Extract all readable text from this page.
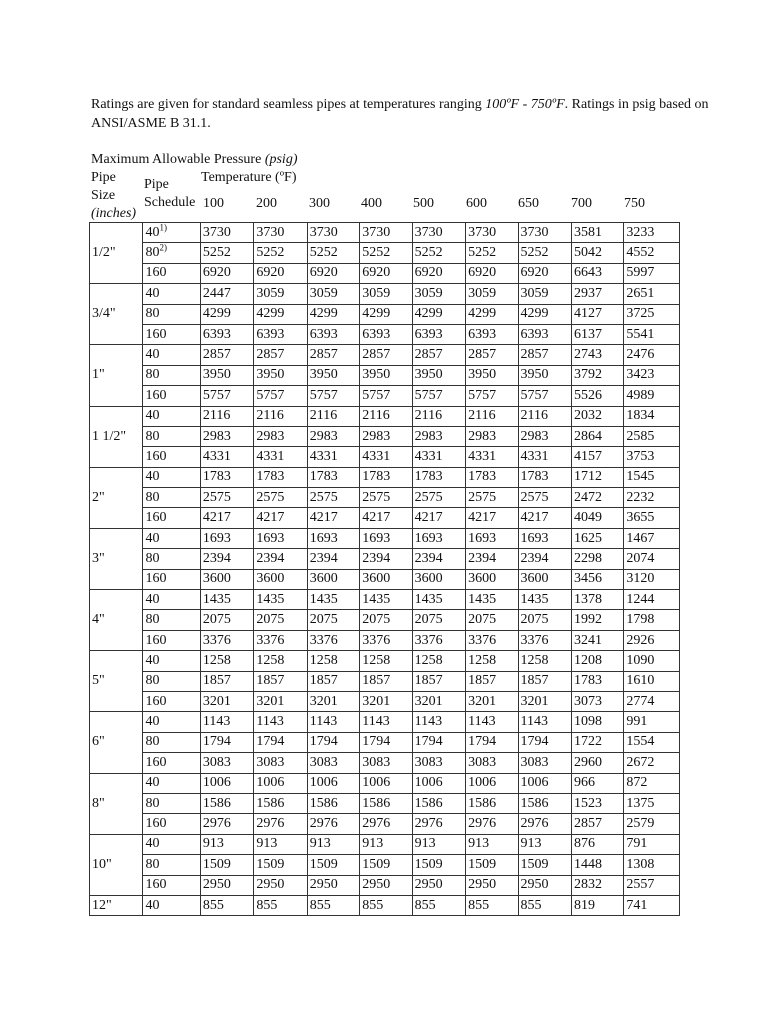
Ratings are given for standard seamless pipes at temperatures ranging 100ºF - 750ºF. Ratings in psig based on ANSI/ASME B 31.1.

Maximum Allowable Pressure (psig)
Pipe
Size
(inches)
Pipe
Schedule
Temperature (ºF)
100 200 300 400 500 600 650 700 750
1/2"	40$^{1)}$	3730	3730	3730	3730	3730	3730	3730	3581	3233
	80$^{2)}$	5252	5252	5252	5252	5252	5252	5252	5042	4552
	160	6920	6920	6920	6920	6920	6920	6920	6643	5997
3/4"	40	2447	3059	3059	3059	3059	3059	3059	2937	2651
	80	4299	4299	4299	4299	4299	4299	4299	4127	3725
	160	6393	6393	6393	6393	6393	6393	6393	6137	5541
1"	40	2857	2857	2857	2857	2857	2857	2857	2743	2476
	80	3950	3950	3950	3950	3950	3950	3950	3792	3423
	160	5757	5757	5757	5757	5757	5757	5757	5526	4989
1 1/2"	40	2116	2116	2116	2116	2116	2116	2116	2032	1834
	80	2983	2983	2983	2983	2983	2983	2983	2864	2585
	160	4331	4331	4331	4331	4331	4331	4331	4157	3753
2"	40	1783	1783	1783	1783	1783	1783	1783	1712	1545
	80	2575	2575	2575	2575	2575	2575	2575	2472	2232
	160	4217	4217	4217	4217	4217	4217	4217	4049	3655
3"	40	1693	1693	1693	1693	1693	1693	1693	1625	1467
	80	2394	2394	2394	2394	2394	2394	2394	2298	2074
	160	3600	3600	3600	3600	3600	3600	3600	3456	3120
4"	40	1435	1435	1435	1435	1435	1435	1435	1378	1244
	80	2075	2075	2075	2075	2075	2075	2075	1992	1798
	160	3376	3376	3376	3376	3376	3376	3376	3241	2926
5"	40	1258	1258	1258	1258	1258	1258	1258	1208	1090
	80	1857	1857	1857	1857	1857	1857	1857	1783	1610
	160	3201	3201	3201	3201	3201	3201	3201	3073	2774
6"	40	1143	1143	1143	1143	1143	1143	1143	1098	991
	80	1794	1794	1794	1794	1794	1794	1794	1722	1554
	160	3083	3083	3083	3083	3083	3083	3083	2960	2672
8"	40	1006	1006	1006	1006	1006	1006	1006	966	872
	80	1586	1586	1586	1586	1586	1586	1586	1523	1375
	160	2976	2976	2976	2976	2976	2976	2976	2857	2579
10"	40	913	913	913	913	913	913	913	876	791
	80	1509	1509	1509	1509	1509	1509	1509	1448	1308
	160	2950	2950	2950	2950	2950	2950	2950	2832	2557
12"	40	855	855	855	855	855	855	855	819	741
